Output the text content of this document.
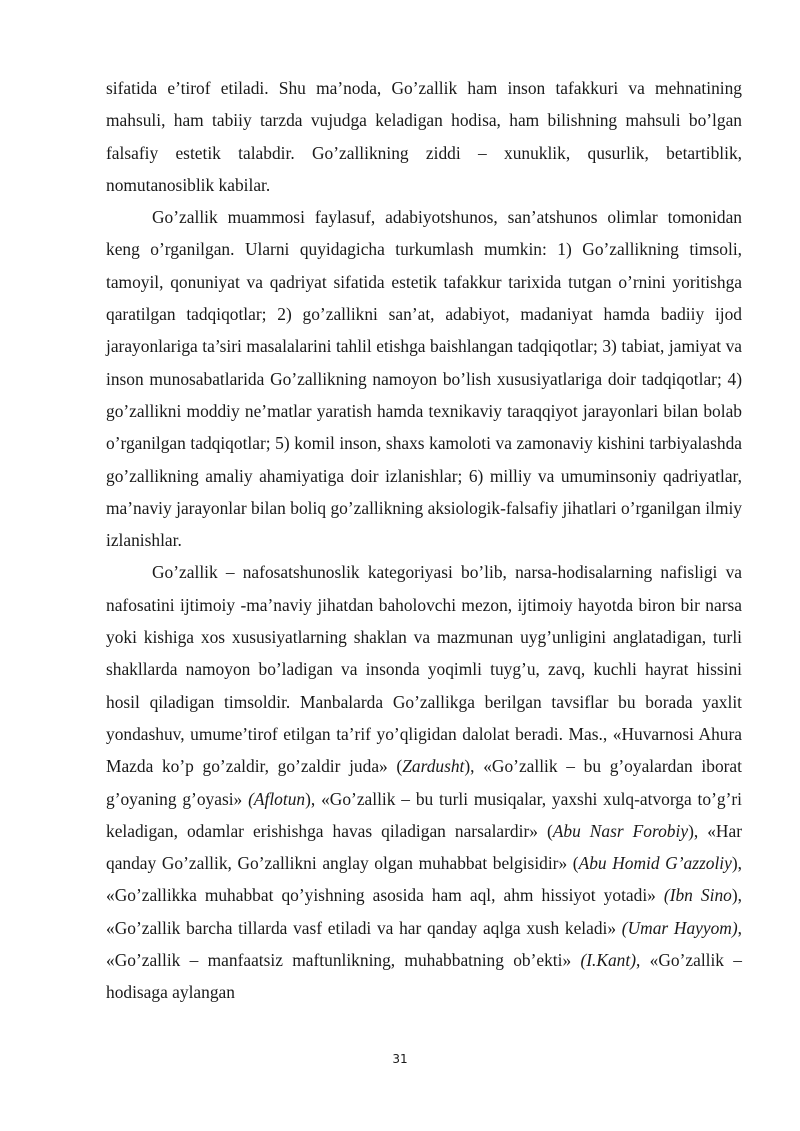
sifatida e’tirof etiladi. Shu ma’noda, Go’zallik ham inson tafakkuri va mehnatining mahsuli, ham tabiiy tarzda vujudga keladigan hodisa, ham bilishning mahsuli bo’lgan falsafiy estetik talabdir. Go’zallikning ziddi – xunuklik, qusurlik, betartiblik, nomutanosiblik kabilar.

Go’zallik muammosi faylasuf, adabiyotshunos, san’atshunos olimlar tomonidan keng o’rganilgan. Ularni quyidagicha turkumlash mumkin: 1) Go’zallikning timsoli, tamoyil, qonuniyat va qadriyat sifatida estetik tafakkur tarixida tutgan o’rnini yoritishga qaratilgan tadqiqotlar; 2) go’zallikni san’at, adabiyot, madaniyat hamda badiiy ijod jarayonlariga ta’siri masalalarini tahlil etishga baishlangan tadqiqotlar; 3) tabiat, jamiyat va inson munosabatlarida Go’zallikning namoyon bo’lish xususiyatlariga doir tadqiqotlar; 4) go’zallikni moddiy ne’matlar yaratish hamda texnikaviy taraqqiyot jarayonlari bilan bolab o’rganilgan tadqiqotlar; 5) komil inson, shaxs kamoloti va zamonaviy kishini tarbiyalashda go’zallikning amaliy ahamiyatiga doir izlanishlar; 6) milliy va umuminsoniy qadriyatlar, ma’naviy jarayonlar bilan boliq go’zallikning aksiologik-falsafiy jihatlari o’rganilgan ilmiy izlanishlar.

Go’zallik – nafosatshunoslik kategoriyasi bo’lib, narsa-hodisalarning nafisligi va nafosatini ijtimoiy -ma’naviy jihatdan baholovchi mezon, ijtimoiy hayotda biron bir narsa yoki kishiga xos xususiyatlarning shaklan va mazmunan uyg’unligini anglatadigan, turli shakllarda namoyon bo’ladigan va insonda yoqimli tuyg’u, zavq, kuchli hayrat hissini hosil qiladigan timsoldir. Manbalarda Go’zallikga berilgan tavsiflar bu borada yaxlit yondashuv, umume’tirof etilgan ta’rif yo’qligidan dalolat beradi. Mas., «Huvarnosi Ahura Mazda ko’p go’zaldir, go’zaldir juda» (Zardusht), «Go’zallik – bu g’oyalardan iborat g’oyaning g’oyasi» (Aflotun), «Go’zallik – bu turli musiqalar, yaxshi xulq-atvorga to’g’ri keladigan, odamlar erishishga havas qiladigan narsalardir» (Abu Nasr Forobiy), «Har qanday Go’zallik, Go’zallikni anglay olgan muhabbat belgisidir» (Abu Homid G’azzoliy), «Go’zallikka muhabbat qo’yishning asosida ham aql, ahm hissiyot yotadi» (Ibn Sino), «Go’zallik barcha tillarda vasf etiladi va har qanday aqlga xush keladi» (Umar Hayyom), «Go’zallik – manfaatsiz maftunlikning, muhabbatning ob’ekti» (I.Kant), «Go’zallik – hodisaga aylangan

31
